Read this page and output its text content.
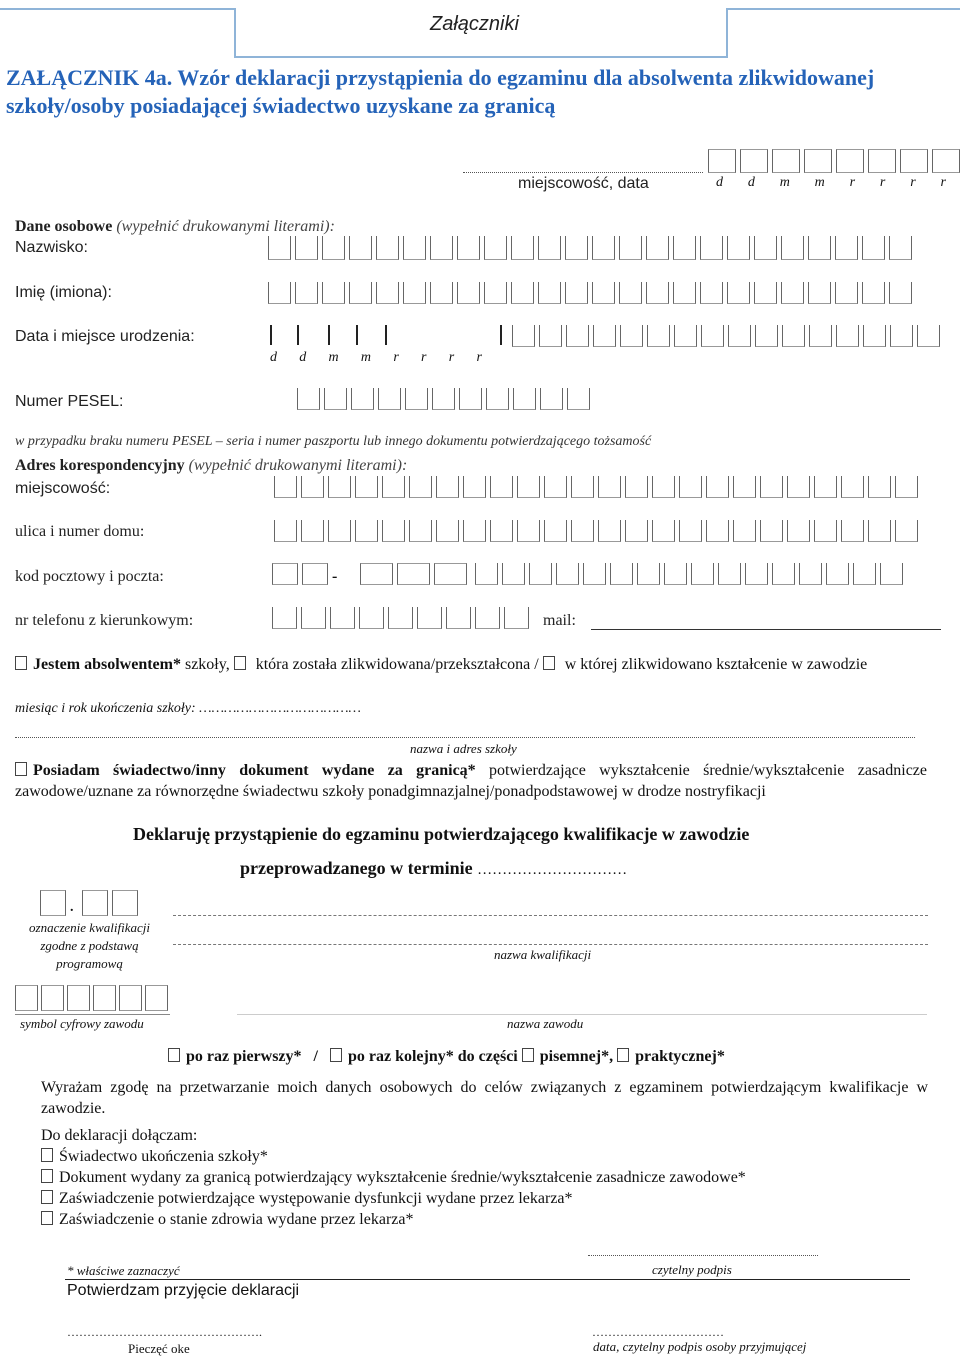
Załączniki
ZAŁĄCZNIK 4a. Wzór deklaracji przystąpienia do egzaminu dla absolwenta zlikwidowanej szkoły/osoby posiadającej świadectwo uzyskane za granicą
miejscowość, data	d d m m r r r r
Dane osobowe (wypełnić drukowanymi literami):
Nazwisko:
Imię (imiona):
Data i miejsce urodzenia:
d d m m r r r r
Numer PESEL:
w przypadku braku numeru PESEL – seria i numer paszportu lub innego dokumentu potwierdzającego tożsamość
Adres korespondencyjny (wypełnić drukowanymi literami):
miejscowość:
ulica i numer domu:
kod pocztowy i poczta:	-
nr telefonu z kierunkowym:	mail:
Jestem absolwentem* szkoły,  która została zlikwidowana/przekształcona /  w której zlikwidowano kształcenie w zawodzie
miesiąc i rok ukończenia szkoły: …………………………………
nazwa i adres szkoły
Posiadam świadectwo/inny dokument wydane za granicą* potwierdzające wykształcenie średnie/wykształcenie zasadnicze zawodowe/uznane za równorzędne świadectwu szkoły ponadgimnazjalnej/ponadpodstawowej w drodze nostryfikacji
Deklaruję przystąpienie do egzaminu potwierdzającego kwalifikacje w zawodzie
przeprowadzanego w terminie …………………………
.
oznaczenie kwalifikacji
zgodne z podstawą
programową
nazwa kwalifikacji
symbol cyfrowy zawodu	nazwa zawodu
po raz pierwszy* / po raz kolejny* do części pisemnej*, praktycznej*
Wyrażam zgodę na przetwarzanie moich danych osobowych do celów związanych z egzaminem potwierdzającym kwalifikacje w zawodzie.
Do deklaracji dołączam:
Świadectwo ukończenia szkoły*
Dokument wydany za granicą potwierdzający wykształcenie średnie/wykształcenie zasadnicze zawodowe*
Zaświadczenie potwierdzające występowanie dysfunkcji wydane przez lekarza*
Zaświadczenie o stanie zdrowia wydane przez lekarza*
czytelny podpis
* właściwe zaznaczyć
Potwierdzam przyjęcie deklaracji
………………………………………….
Pieczęć oke
……………………………
data, czytelny podpis osoby przyjmującej
